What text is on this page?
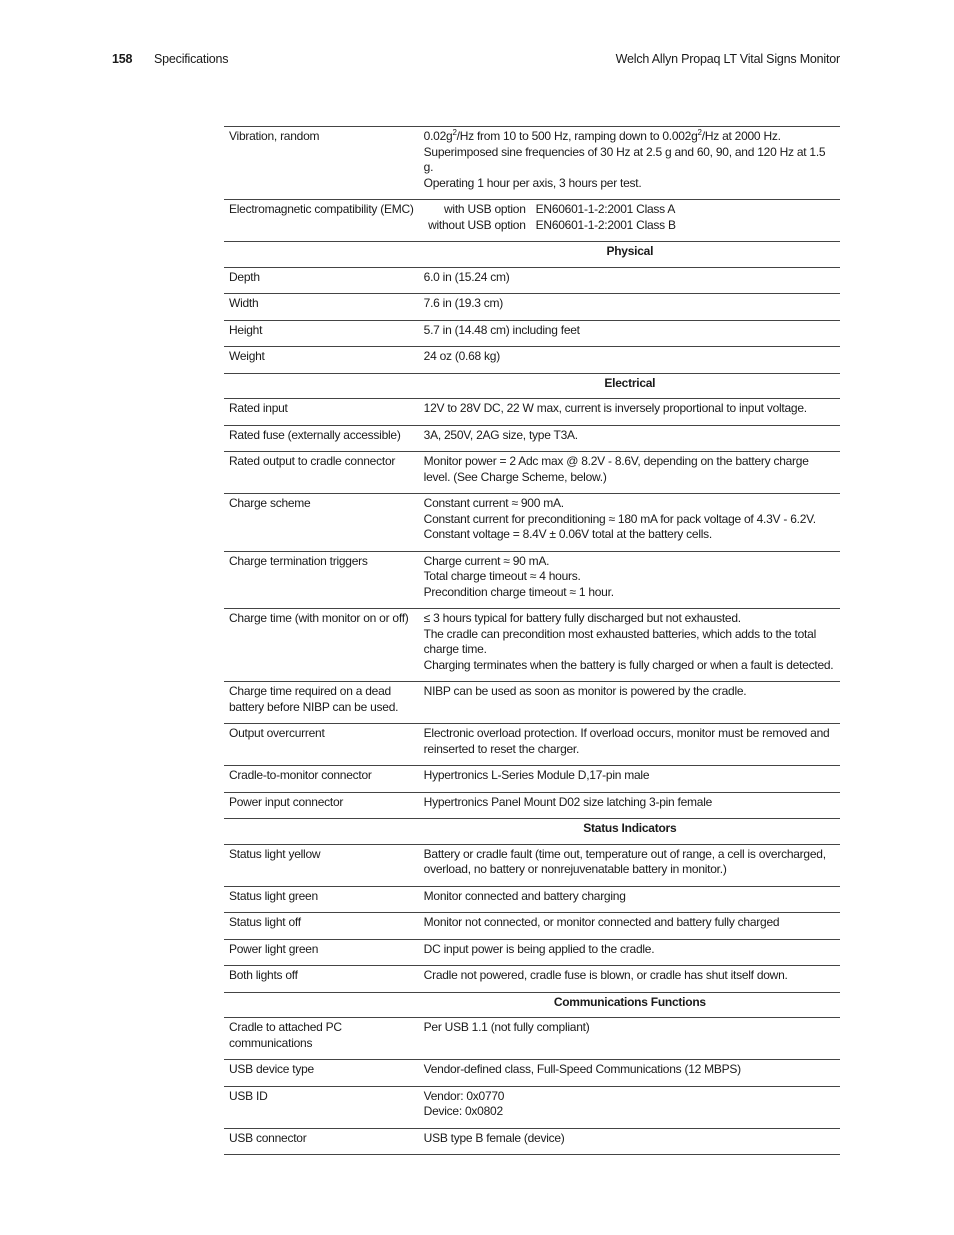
158 Specifications	Welch Allyn Propaq LT Vital Signs Monitor
Vibration, random	$0.02g^2/Hz$ from 10 to 500 Hz, ramping down to $0.002g^2/Hz$ at 2000 Hz.
Superimposed sine frequencies of 30 Hz at 2.5 g and 60, 90, and 120 Hz at 1.5 g.
Operating 1 hour per axis, 3 hours per test.

Electromagnetic compatibility (EMC)	with USB option EN60601-1-2:2001 Class A
without USB option EN60601-1-2:2001 Class B

	Physical
Depth	6.0 in (15.24 cm)

Width	7.6 in (19.3 cm)

Height	5.7 in (14.48 cm) including feet

Weight	24 oz (0.68 kg)

	Electrical
Rated input	12V to 28V DC, 22 W max, current is inversely proportional to input voltage.

Rated fuse (externally accessible)	3A, 250V, 2AG size, type T3A.

Rated output to cradle connector	Monitor power = 2 Adc max @ 8.2V - 8.6V, depending on the battery charge level. (See Charge Scheme, below.)

Charge scheme	Constant current ≈ 900 mA.
Constant current for preconditioning ≈ 180 mA for pack voltage of 4.3V - 6.2V.
Constant voltage = 8.4V ± 0.06V total at the battery cells.

Charge termination triggers	Charge current ≈ 90 mA.
Total charge timeout ≈ 4 hours.
Precondition charge timeout ≈ 1 hour.

Charge time (with monitor on or off)	≤ 3 hours typical for battery fully discharged but not exhausted.
The cradle can precondition most exhausted batteries, which adds to the total charge time.
Charging terminates when the battery is fully charged or when a fault is detected.

Charge time required on a dead battery before NIBP can be used.	NIBP can be used as soon as monitor is powered by the cradle.

Output overcurrent	Electronic overload protection. If overload occurs, monitor must be removed and reinserted to reset the charger.

Cradle-to-monitor connector	Hypertronics L-Series Module D,17-pin male

Power input connector	Hypertronics Panel Mount D02 size latching 3-pin female

	Status Indicators
Status light yellow	Battery or cradle fault (time out, temperature out of range, a cell is overcharged, overload, no battery or nonrejuvenatable battery in monitor.)

Status light green	Monitor connected and battery charging

Status light off	Monitor not connected, or monitor connected and battery fully charged

Power light green	DC input power is being applied to the cradle.

Both lights off	Cradle not powered, cradle fuse is blown, or cradle has shut itself down.

	Communications Functions
Cradle to attached PC communications	Per USB 1.1 (not fully compliant)

USB device type	Vendor-defined class, Full-Speed Communications (12 MBPS)

USB ID	Vendor: 0x0770
Device: 0x0802

USB connector	USB type B female (device)
